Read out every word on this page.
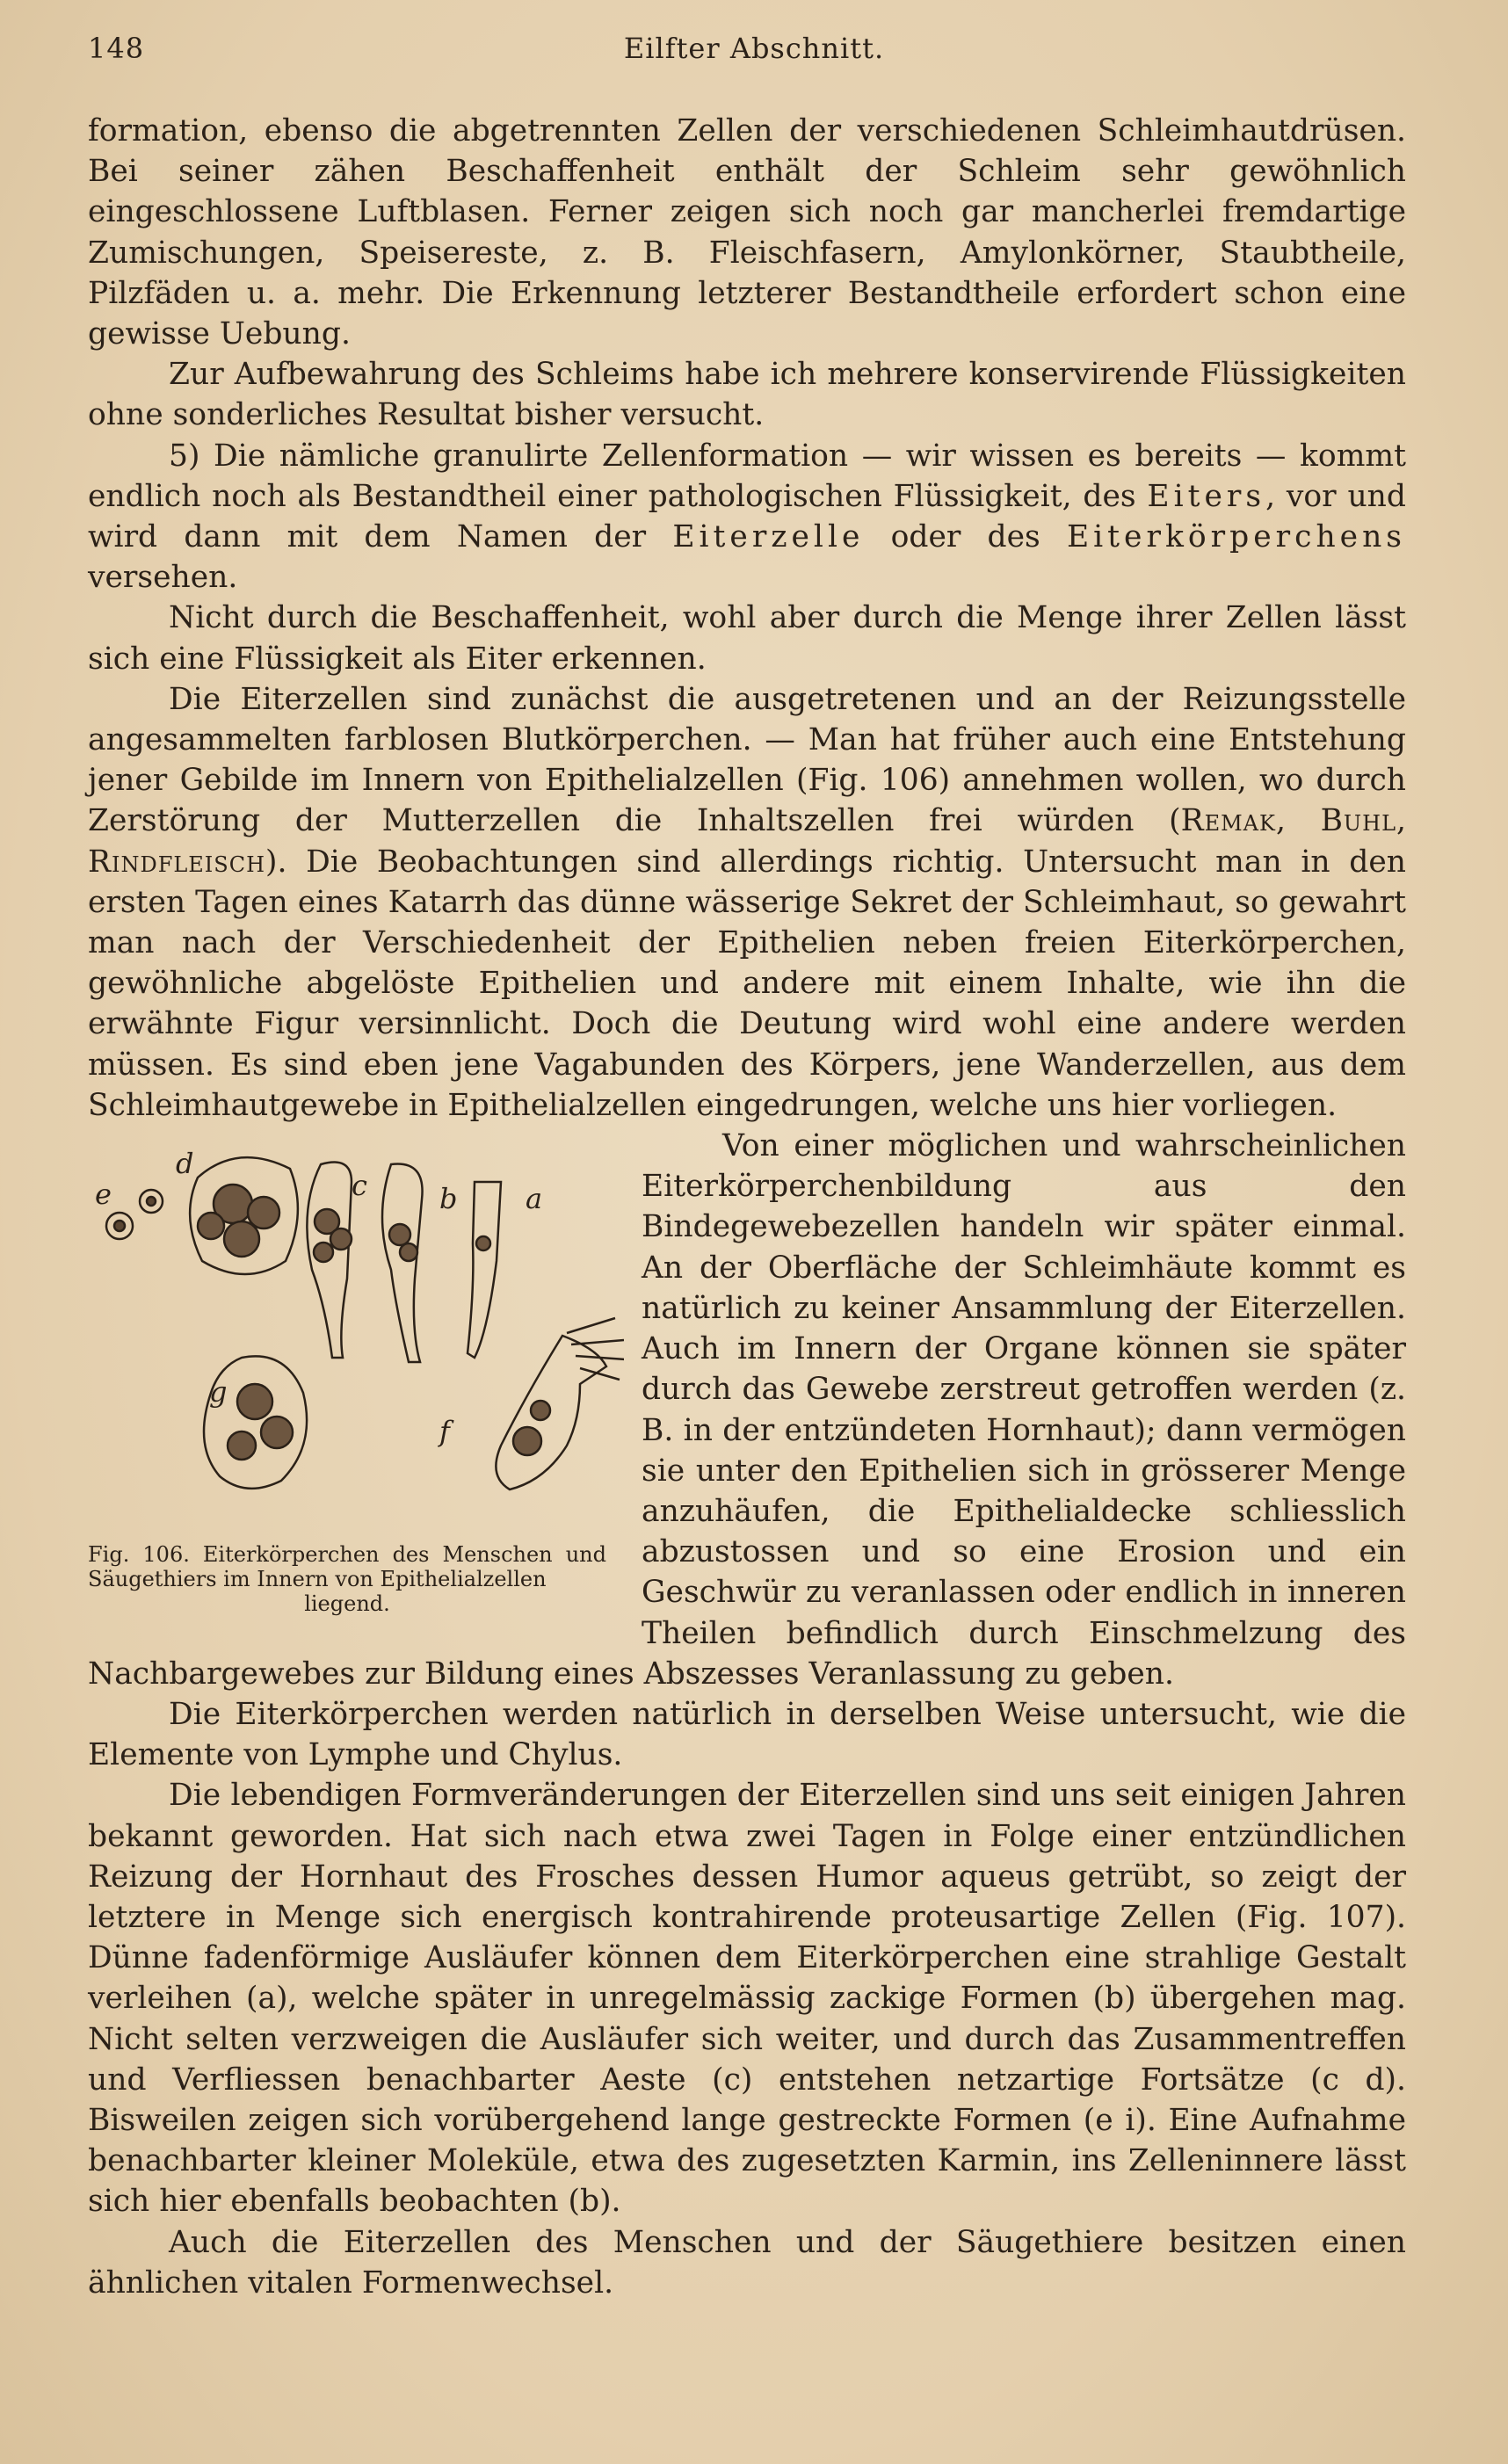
148	Eilfter Abschnitt.

formation, ebenso die abgetrennten Zellen der verschiedenen Schleimhautdrüsen. Bei seiner zähen Beschaffenheit enthält der Schleim sehr gewöhnlich eingeschlossene Luftblasen. Ferner zeigen sich noch gar mancherlei fremdartige Zumischungen, Speisereste, z. B. Fleischfasern, Amylonkörner, Staubtheile, Pilzfäden u. a. mehr. Die Erkennung letzterer Bestandtheile erfordert schon eine gewisse Uebung.

Zur Aufbewahrung des Schleims habe ich mehrere konservirende Flüssigkeiten ohne sonderliches Resultat bisher versucht.

5) Die nämliche granulirte Zellenformation — wir wissen es bereits — kommt endlich noch als Bestandtheil einer pathologischen Flüssigkeit, des Eiters, vor und wird dann mit dem Namen der Eiterzelle oder des Eiterkörperchens versehen.

Nicht durch die Beschaffenheit, wohl aber durch die Menge ihrer Zellen lässt sich eine Flüssigkeit als Eiter erkennen.

Die Eiterzellen sind zunächst die ausgetretenen und an der Reizungsstelle angesammelten farblosen Blutkörperchen. — Man hat früher auch eine Entstehung jener Gebilde im Innern von Epithelialzellen (Fig. 106) annehmen wollen, wo durch Zerstörung der Mutterzellen die Inhaltszellen frei würden (Remak, Buhl, Rindfleisch). Die Beobachtungen sind allerdings richtig. Untersucht man in den ersten Tagen eines Katarrh das dünne wässerige Sekret der Schleimhaut, so gewahrt man nach der Verschiedenheit der Epithelien neben freien Eiterkörperchen, gewöhnliche abgelöste Epithelien und andere mit einem Inhalte, wie ihn die erwähnte Figur versinnlicht. Doch die Deutung wird wohl eine andere werden müssen. Es sind eben jene Vagabunden des Körpers, jene Wanderzellen, aus dem Schleimhautgewebe in Epithelialzellen eingedrungen, welche uns hier vorliegen.

e
d
c	b a
g
f
Fig. 106. Eiterkörperchen des Menschen und Säugethiers im Innern von Epithelialzellen
liegend.

Von einer möglichen und wahrscheinlichen Eiterkörperchenbildung aus den Bindegewebezellen handeln wir später einmal. An der Oberfläche der Schleimhäute kommt es natürlich zu keiner Ansammlung der Eiterzellen. Auch im Innern der Organe können sie später durch das Gewebe zerstreut getroffen werden (z. B. in der entzündeten Hornhaut); dann vermögen sie unter den Epithelien sich in grösserer Menge anzuhäufen, die Epithelialdecke schliesslich abzustossen und so eine Erosion und ein Geschwür zu veranlassen oder endlich in inneren Theilen befindlich durch Einschmelzung des Nachbargewebes zur Bildung eines Abszesses Veranlassung zu geben.

Die Eiterkörperchen werden natürlich in derselben Weise untersucht, wie die Elemente von Lymphe und Chylus.

Die lebendigen Formveränderungen der Eiterzellen sind uns seit einigen Jahren bekannt geworden. Hat sich nach etwa zwei Tagen in Folge einer entzündlichen Reizung der Hornhaut des Frosches dessen Humor aqueus getrübt, so zeigt der letztere in Menge sich energisch kontrahirende proteusartige Zellen (Fig. 107). Dünne fadenförmige Ausläufer können dem Eiterkörperchen eine strahlige Gestalt verleihen (a), welche später in unregelmässig zackige Formen (b) übergehen mag. Nicht selten verzweigen die Ausläufer sich weiter, und durch das Zusammentreffen und Verfliessen benachbarter Aeste (c) entstehen netzartige Fortsätze (c d). Bisweilen zeigen sich vorübergehend lange gestreckte Formen (e i). Eine Aufnahme benachbarter kleiner Moleküle, etwa des zugesetzten Karmin, ins Zelleninnere lässt sich hier ebenfalls beobachten (b).

Auch die Eiterzellen des Menschen und der Säugethiere besitzen einen ähnlichen vitalen Formenwechsel.
